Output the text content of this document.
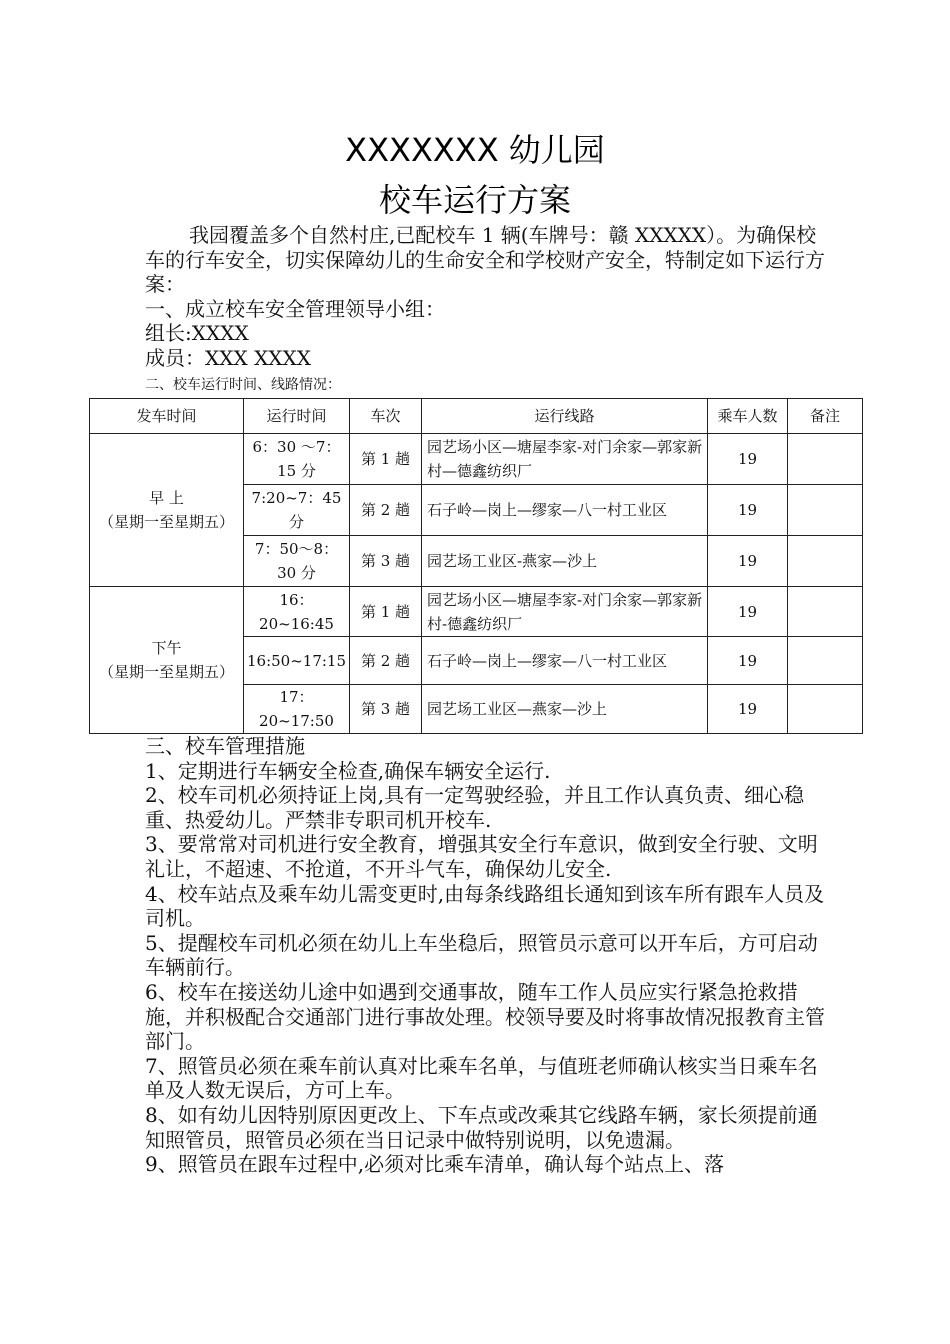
XXXXXXX 幼儿园
校车运行方案

我园覆盖多个自然村庄,已配校车 1 辆(车牌号：赣 XXXXX）。为确保校车的行车安全，切实保障幼儿的生命安全和学校财产安全，特制定如下运行方案：

一、成立校车安全管理领导小组：

组长:XXXX

成员：XXX XXXX

二、校车运行时间、线路情况：
发车时间	运行时间	车次	运行线路	乘车人数	备注

早 上
（星期一至星期五）	6：30 ～7：15 分	第 1 趟	园艺场小区—塘屋李家-对门余家—郭家新村—德鑫纺织厂	19	
	7:20~7：45 分	第 2 趟	石子岭—岗上—缪家—八一村工业区	19	
	7：50～8：30 分	第 3 趟	园艺场工业区-燕家—沙上	19	

下午
（星期一至星期五）	16：20~16:45	第 1 趟	园艺场小区—塘屋李家-对门余家—郭家新村-德鑫纺织厂	19	
	16:50~17:15	第 2 趟	石子岭—岗上—缪家—八一村工业区	19	
	17：20~17:50	第 3 趟	园艺场工业区—燕家—沙上	19	

三、校车管理措施

1、定期进行车辆安全检查,确保车辆安全运行.

2、校车司机必须持证上岗,具有一定驾驶经验，并且工作认真负责、细心稳重、热爱幼儿。严禁非专职司机开校车.

3、要常常对司机进行安全教育，增强其安全行车意识，做到安全行驶、文明礼让，不超速、不抢道，不开斗气车，确保幼儿安全.

4、校车站点及乘车幼儿需变更时,由每条线路组长通知到该车所有跟车人员及司机。

5、提醒校车司机必须在幼儿上车坐稳后，照管员示意可以开车后，方可启动车辆前行。

6、校车在接送幼儿途中如遇到交通事故，随车工作人员应实行紧急抢救措施，并积极配合交通部门进行事故处理。校领导要及时将事故情况报教育主管部门。

7、照管员必须在乘车前认真对比乘车名单，与值班老师确认核实当日乘车名单及人数无误后，方可上车。

8、如有幼儿因特别原因更改上、下车点或改乘其它线路车辆，家长须提前通知照管员，照管员必须在当日记录中做特别说明，以免遗漏。

9、照管员在跟车过程中,必须对比乘车清单，确认每个站点上、落
